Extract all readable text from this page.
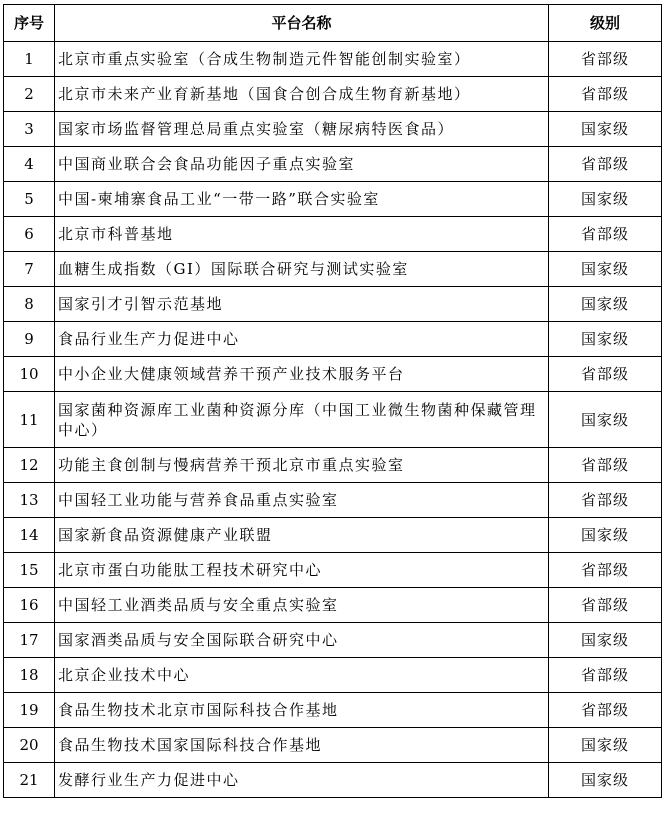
序号	平台名称	级别
1	北京市重点实验室（合成生物制造元件智能创制实验室）	省部级
2	北京市未来产业育新基地（国食合创合成生物育新基地）	省部级
3	国家市场监督管理总局重点实验室（糖尿病特医食品）	国家级
4	中国商业联合会食品功能因子重点实验室	省部级
5	中国-柬埔寨食品工业“一带一路”联合实验室	国家级
6	北京市科普基地	省部级
7	血糖生成指数（GI）国际联合研究与测试实验室	国家级
8	国家引才引智示范基地	国家级
9	食品行业生产力促进中心	国家级
10	中小企业大健康领域营养干预产业技术服务平台	省部级
11	国家菌种资源库工业菌种资源分库（中国工业微生物菌种保藏管理中心）	国家级
12	功能主食创制与慢病营养干预北京市重点实验室	省部级
13	中国轻工业功能与营养食品重点实验室	省部级
14	国家新食品资源健康产业联盟	国家级
15	北京市蛋白功能肽工程技术研究中心	省部级
16	中国轻工业酒类品质与安全重点实验室	省部级
17	国家酒类品质与安全国际联合研究中心	国家级
18	北京企业技术中心	省部级
19	食品生物技术北京市国际科技合作基地	省部级
20	食品生物技术国家国际科技合作基地	国家级
21	发酵行业生产力促进中心	国家级
